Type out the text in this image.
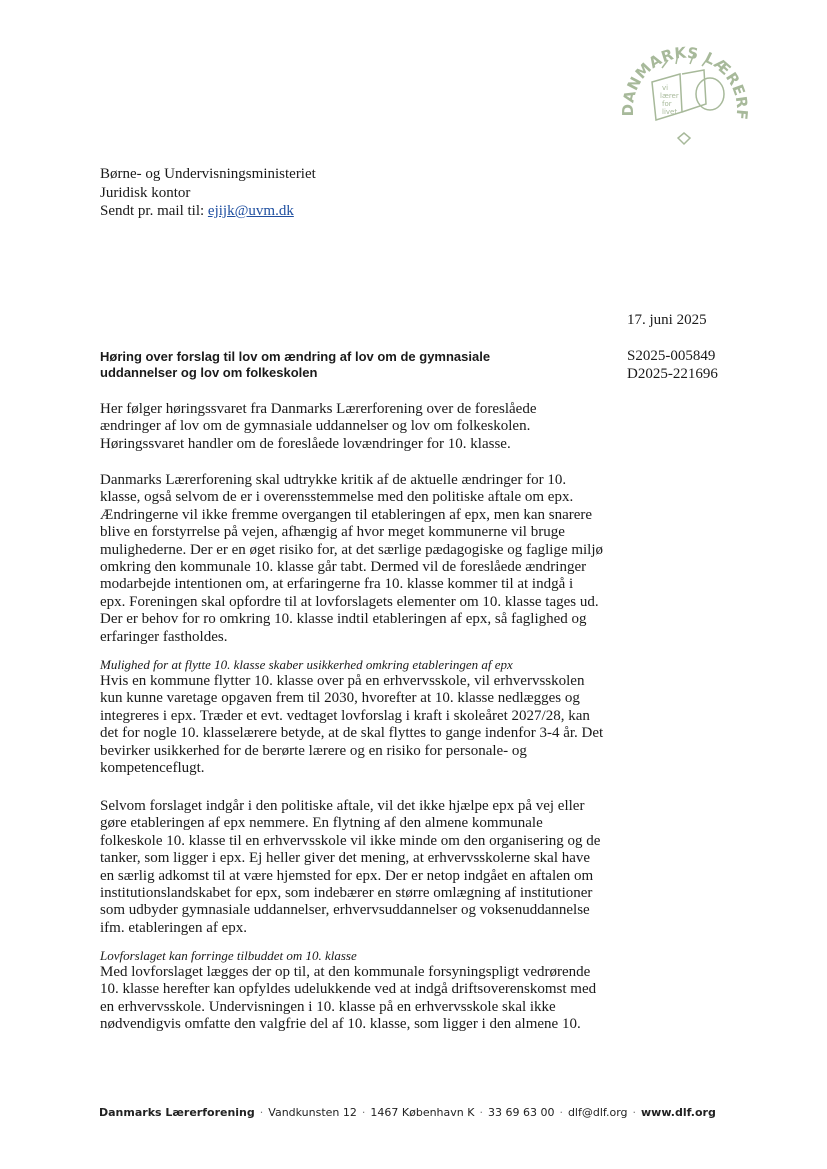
DANMARKS LÆRERF
vi lærer for livet
Børne- og Undervisningsministeriet
Juridisk kontor
Sendt pr. mail til: ejijk@uvm.dk
17. juni 2025
S2025-005849
D2025-221696
Høring over forslag til lov om ændring af lov om de gymnasiale
uddannelser og lov om folkeskolen
Her følger høringssvaret fra Danmarks Lærerforening over de foreslåede
ændringer af lov om de gymnasiale uddannelser og lov om folkeskolen.
Høringssvaret handler om de foreslåede lovændringer for 10. klasse.
Danmarks Lærerforening skal udtrykke kritik af de aktuelle ændringer for 10.
klasse, også selvom de er i overensstemmelse med den politiske aftale om epx.
Ændringerne vil ikke fremme overgangen til etableringen af epx, men kan snarere
blive en forstyrrelse på vejen, afhængig af hvor meget kommunerne vil bruge
mulighederne. Der er en øget risiko for, at det særlige pædagogiske og faglige miljø
omkring den kommunale 10. klasse går tabt. Dermed vil de foreslåede ændringer
modarbejde intentionen om, at erfaringerne fra 10. klasse kommer til at indgå i
epx. Foreningen skal opfordre til at lovforslagets elementer om 10. klasse tages ud.
Der er behov for ro omkring 10. klasse indtil etableringen af epx, så faglighed og
erfaringer fastholdes.
Mulighed for at flytte 10. klasse skaber usikkerhed omkring etableringen af epx
Hvis en kommune flytter 10. klasse over på en erhvervsskole, vil erhvervsskolen
kun kunne varetage opgaven frem til 2030, hvorefter at 10. klasse nedlægges og
integreres i epx. Træder et evt. vedtaget lovforslag i kraft i skoleåret 2027/28, kan
det for nogle 10. klasselærere betyde, at de skal flyttes to gange indenfor 3-4 år. Det
bevirker usikkerhed for de berørte lærere og en risiko for personale- og
kompetenceflugt.
Selvom forslaget indgår i den politiske aftale, vil det ikke hjælpe epx på vej eller
gøre etableringen af epx nemmere. En flytning af den almene kommunale
folkeskole 10. klasse til en erhvervsskole vil ikke minde om den organisering og de
tanker, som ligger i epx. Ej heller giver det mening, at erhvervsskolerne skal have
en særlig adkomst til at være hjemsted for epx. Der er netop indgået en aftalen om
institutionslandskabet for epx, som indebærer en større omlægning af institutioner
som udbyder gymnasiale uddannelser, erhvervsuddannelser og voksenuddannelse
ifm. etableringen af epx.
Lovforslaget kan forringe tilbuddet om 10. klasse
Med lovforslaget lægges der op til, at den kommunale forsyningspligt vedrørende
10. klasse herefter kan opfyldes udelukkende ved at indgå driftsoverenskomst med
en erhvervsskole. Undervisningen i 10. klasse på en erhvervsskole skal ikke
nødvendigvis omfatte den valgfrie del af 10. klasse, som ligger i den almene 10.
Danmarks Lærerforening · Vandkunsten 12 · 1467 København K · 33 69 63 00 · dlf@dlf.org · www.dlf.org
